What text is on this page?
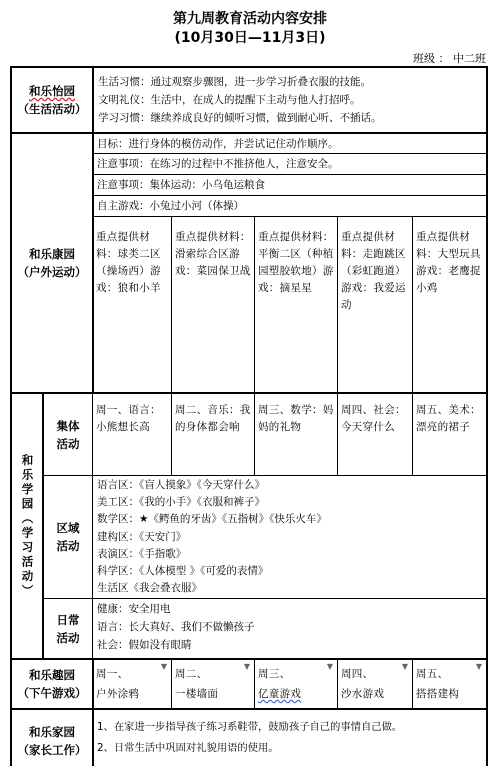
第九周教育活动内容安排
(10月30日—11月3日)
班级 ： 中二班
和乐怡园
（生活活动）
生活习惯：通过观察步骤图，进一步学习折叠衣服的技能。
文明礼仪：生活中，在成人的提醒下主动与他人打招呼。
学习习惯：继续养成良好的倾听习惯，做到耐心听、不插话。
和乐康园
（户外运动）
目标：进行身体的模仿动作，并尝试记住动作顺序。
注意事项：在练习的过程中不推挤他人，注意安全。
注意事项：集体运动：小乌龟运粮食
自主游戏：小兔过小河（体操）
重点提供材料：球类二区（操场西）游戏：狼和小羊
重点提供材料：滑索综合区游戏：菜园保卫战
重点提供材料：平衡二区（种植园塑胶软地）游戏：摘星星
重点提供材料：走跑跳区（彩虹跑道）游戏：我爱运动
重点提供材料：大型玩具游戏：老鹰捉小鸡
和乐学园（学习活动）
集体
活动
周一、语言：小熊想长高
周二、音乐：我的身体都会响
周三、数学：妈妈的礼物
周四、社会：今天穿什么
周五、美术：漂亮的裙子
区域
活动
语言区：《盲人摸象》《今天穿什么》
美工区：《我的小手》《衣服和裤子》
数学区：★《鳄鱼的牙齿》《五指树》《快乐火车》
建构区：《天安门》
表演区：《手指歌》
科学区：《人体模型 》《可爱的表情》
生活区《我会叠衣服》
日常
活动
健康：安全用电
语言：长大真好、我们不做懒孩子
社会：假如没有眼睛
和乐趣园
（下午游戏）
▼
周一、
户外涂鸦
▼
周二、
一楼墙面
▼
周三、
亿童游戏
▼
周四、
沙水游戏
▼
周五、
搭搭建构
和乐家园
（家长工作）
1、在家进一步指导孩子练习系鞋带，鼓励孩子自己的事情自己做。
2、日常生活中巩固对礼貌用语的使用。
